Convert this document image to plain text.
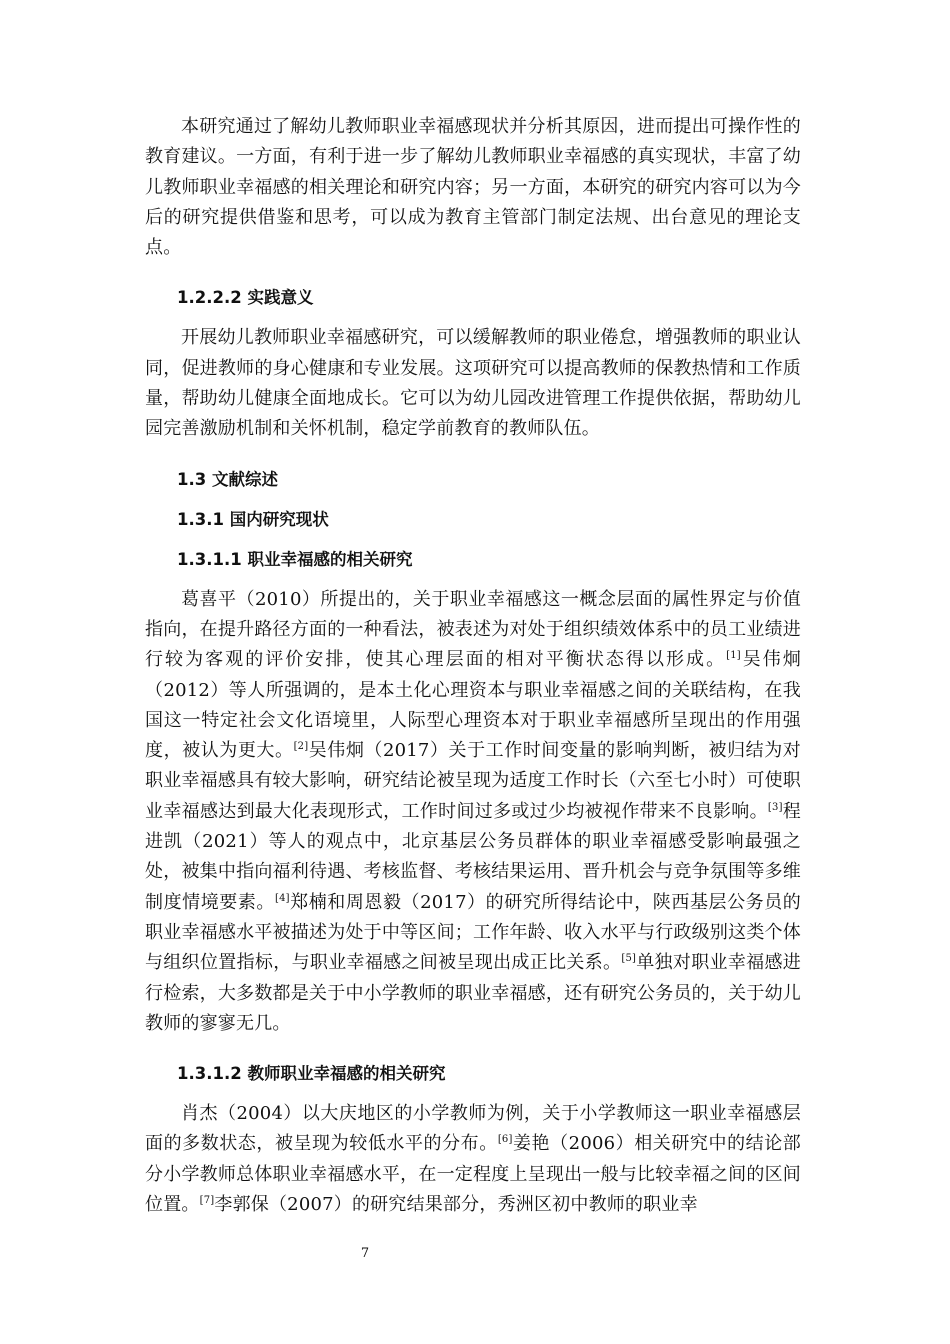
本研究通过了解幼儿教师职业幸福感现状并分析其原因，进而提出可操作性的教育建议。一方面，有利于进一步了解幼儿教师职业幸福感的真实现状，丰富了幼儿教师职业幸福感的相关理论和研究内容；另一方面，本研究的研究内容可以为今后的研究提供借鉴和思考，可以成为教育主管部门制定法规、出台意见的理论支点。

1.2.2.2 实践意义

开展幼儿教师职业幸福感研究，可以缓解教师的职业倦怠，增强教师的职业认同，促进教师的身心健康和专业发展。这项研究可以提高教师的保教热情和工作质量，帮助幼儿健康全面地成长。它可以为幼儿园改进管理工作提供依据，帮助幼儿园完善激励机制和关怀机制，稳定学前教育的教师队伍。

1.3 文献综述
1.3.1 国内研究现状
1.3.1.1 职业幸福感的相关研究

葛喜平（2010）所提出的，关于职业幸福感这一概念层面的属性界定与价值指向，在提升路径方面的一种看法，被表述为对处于组织绩效体系中的员工业绩进行较为客观的评价安排，使其心理层面的相对平衡状态得以形成。[1]吴伟炯（2012）等人所强调的，是本土化心理资本与职业幸福感之间的关联结构，在我国这一特定社会文化语境里，人际型心理资本对于职业幸福感所呈现出的作用强度，被认为更大。[2]吴伟炯（2017）关于工作时间变量的影响判断，被归结为对职业幸福感具有较大影响，研究结论被呈现为适度工作时长（六至七小时）可使职业幸福感达到最大化表现形式，工作时间过多或过少均被视作带来不良影响。[3]程进凯（2021）等人的观点中，北京基层公务员群体的职业幸福感受影响最强之处，被集中指向福利待遇、考核监督、考核结果运用、晋升机会与竞争氛围等多维制度情境要素。[4]郑楠和周恩毅（2017）的研究所得结论中，陕西基层公务员的职业幸福感水平被描述为处于中等区间；工作年龄、收入水平与行政级别这类个体与组织位置指标，与职业幸福感之间被呈现出成正比关系。[5]单独对职业幸福感进行检索，大多数都是关于中小学教师的职业幸福感，还有研究公务员的，关于幼儿教师的寥寥无几。

1.3.1.2 教师职业幸福感的相关研究

肖杰（2004）以大庆地区的小学教师为例，关于小学教师这一职业幸福感层面的多数状态，被呈现为较低水平的分布。[6]姜艳（2006）相关研究中的结论部分小学教师总体职业幸福感水平，在一定程度上呈现出一般与比较幸福之间的区间位置。[7]李郭保（2007）的研究结果部分，秀洲区初中教师的职业幸

7
